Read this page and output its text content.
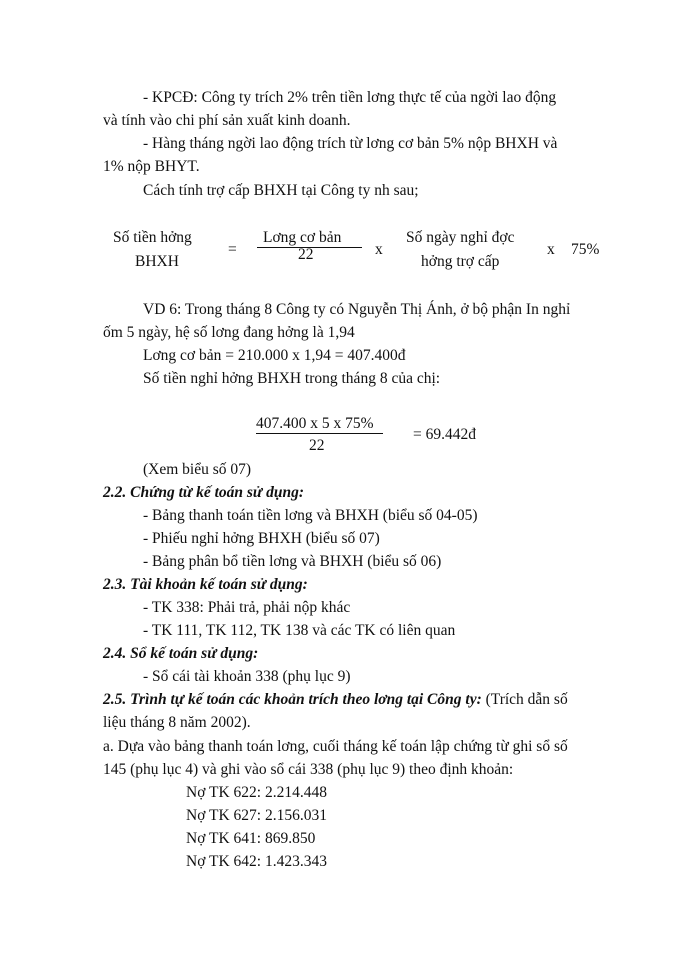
- KPCĐ: Công ty trích 2% trên tiền lơng thực tế của ngời lao động
và tính vào chi phí sản xuất kinh doanh.
- Hàng tháng ngời lao động trích từ lơng cơ bản 5% nộp BHXH và
1% nộp BHYT.
Cách tính trợ cấp BHXH tại Công ty nh sau;
Số tiền hởng
BHXH
=
Lơng cơ bản
22	x
Số ngày nghỉ đợc
hởng trợ cấp
x 75%
VD 6: Trong tháng 8 Công ty có Nguyễn Thị Ánh, ở bộ phận In nghỉ
ốm 5 ngày, hệ số lơng đang hởng là 1,94
Lơng cơ bản = 210.000 x 1,94 = 407.400đ
Số tiền nghỉ hởng BHXH trong tháng 8 của chị:
407.400 x 5 x 75%
22
= 69.442đ
(Xem biểu số 07)
2.2. Chứng từ kế toán sử dụng:
- Bảng thanh toán tiền lơng và BHXH (biểu số 04-05)
- Phiếu nghỉ hởng BHXH (biểu số 07)
- Bảng phân bổ tiền lơng và BHXH (biểu số 06)
2.3. Tài khoản kế toán sử dụng:
- TK 338: Phải trả, phải nộp khác
- TK 111, TK 112, TK 138 và các TK có liên quan
2.4. Sổ kế toán sử dụng:
- Sổ cái tài khoản 338 (phụ lục 9)
2.5. Trình tự kế toán các khoản trích theo lơng tại Công ty: (Trích dẫn số
liệu tháng 8 năm 2002).
a. Dựa vào bảng thanh toán lơng, cuối tháng kế toán lập chứng từ ghi sổ số
145 (phụ lục 4) và ghi vào sổ cái 338 (phụ lục 9) theo định khoản:
Nợ TK 622: 2.214.448
Nợ TK 627: 2.156.031
Nợ TK 641: 869.850
Nợ TK 642: 1.423.343
